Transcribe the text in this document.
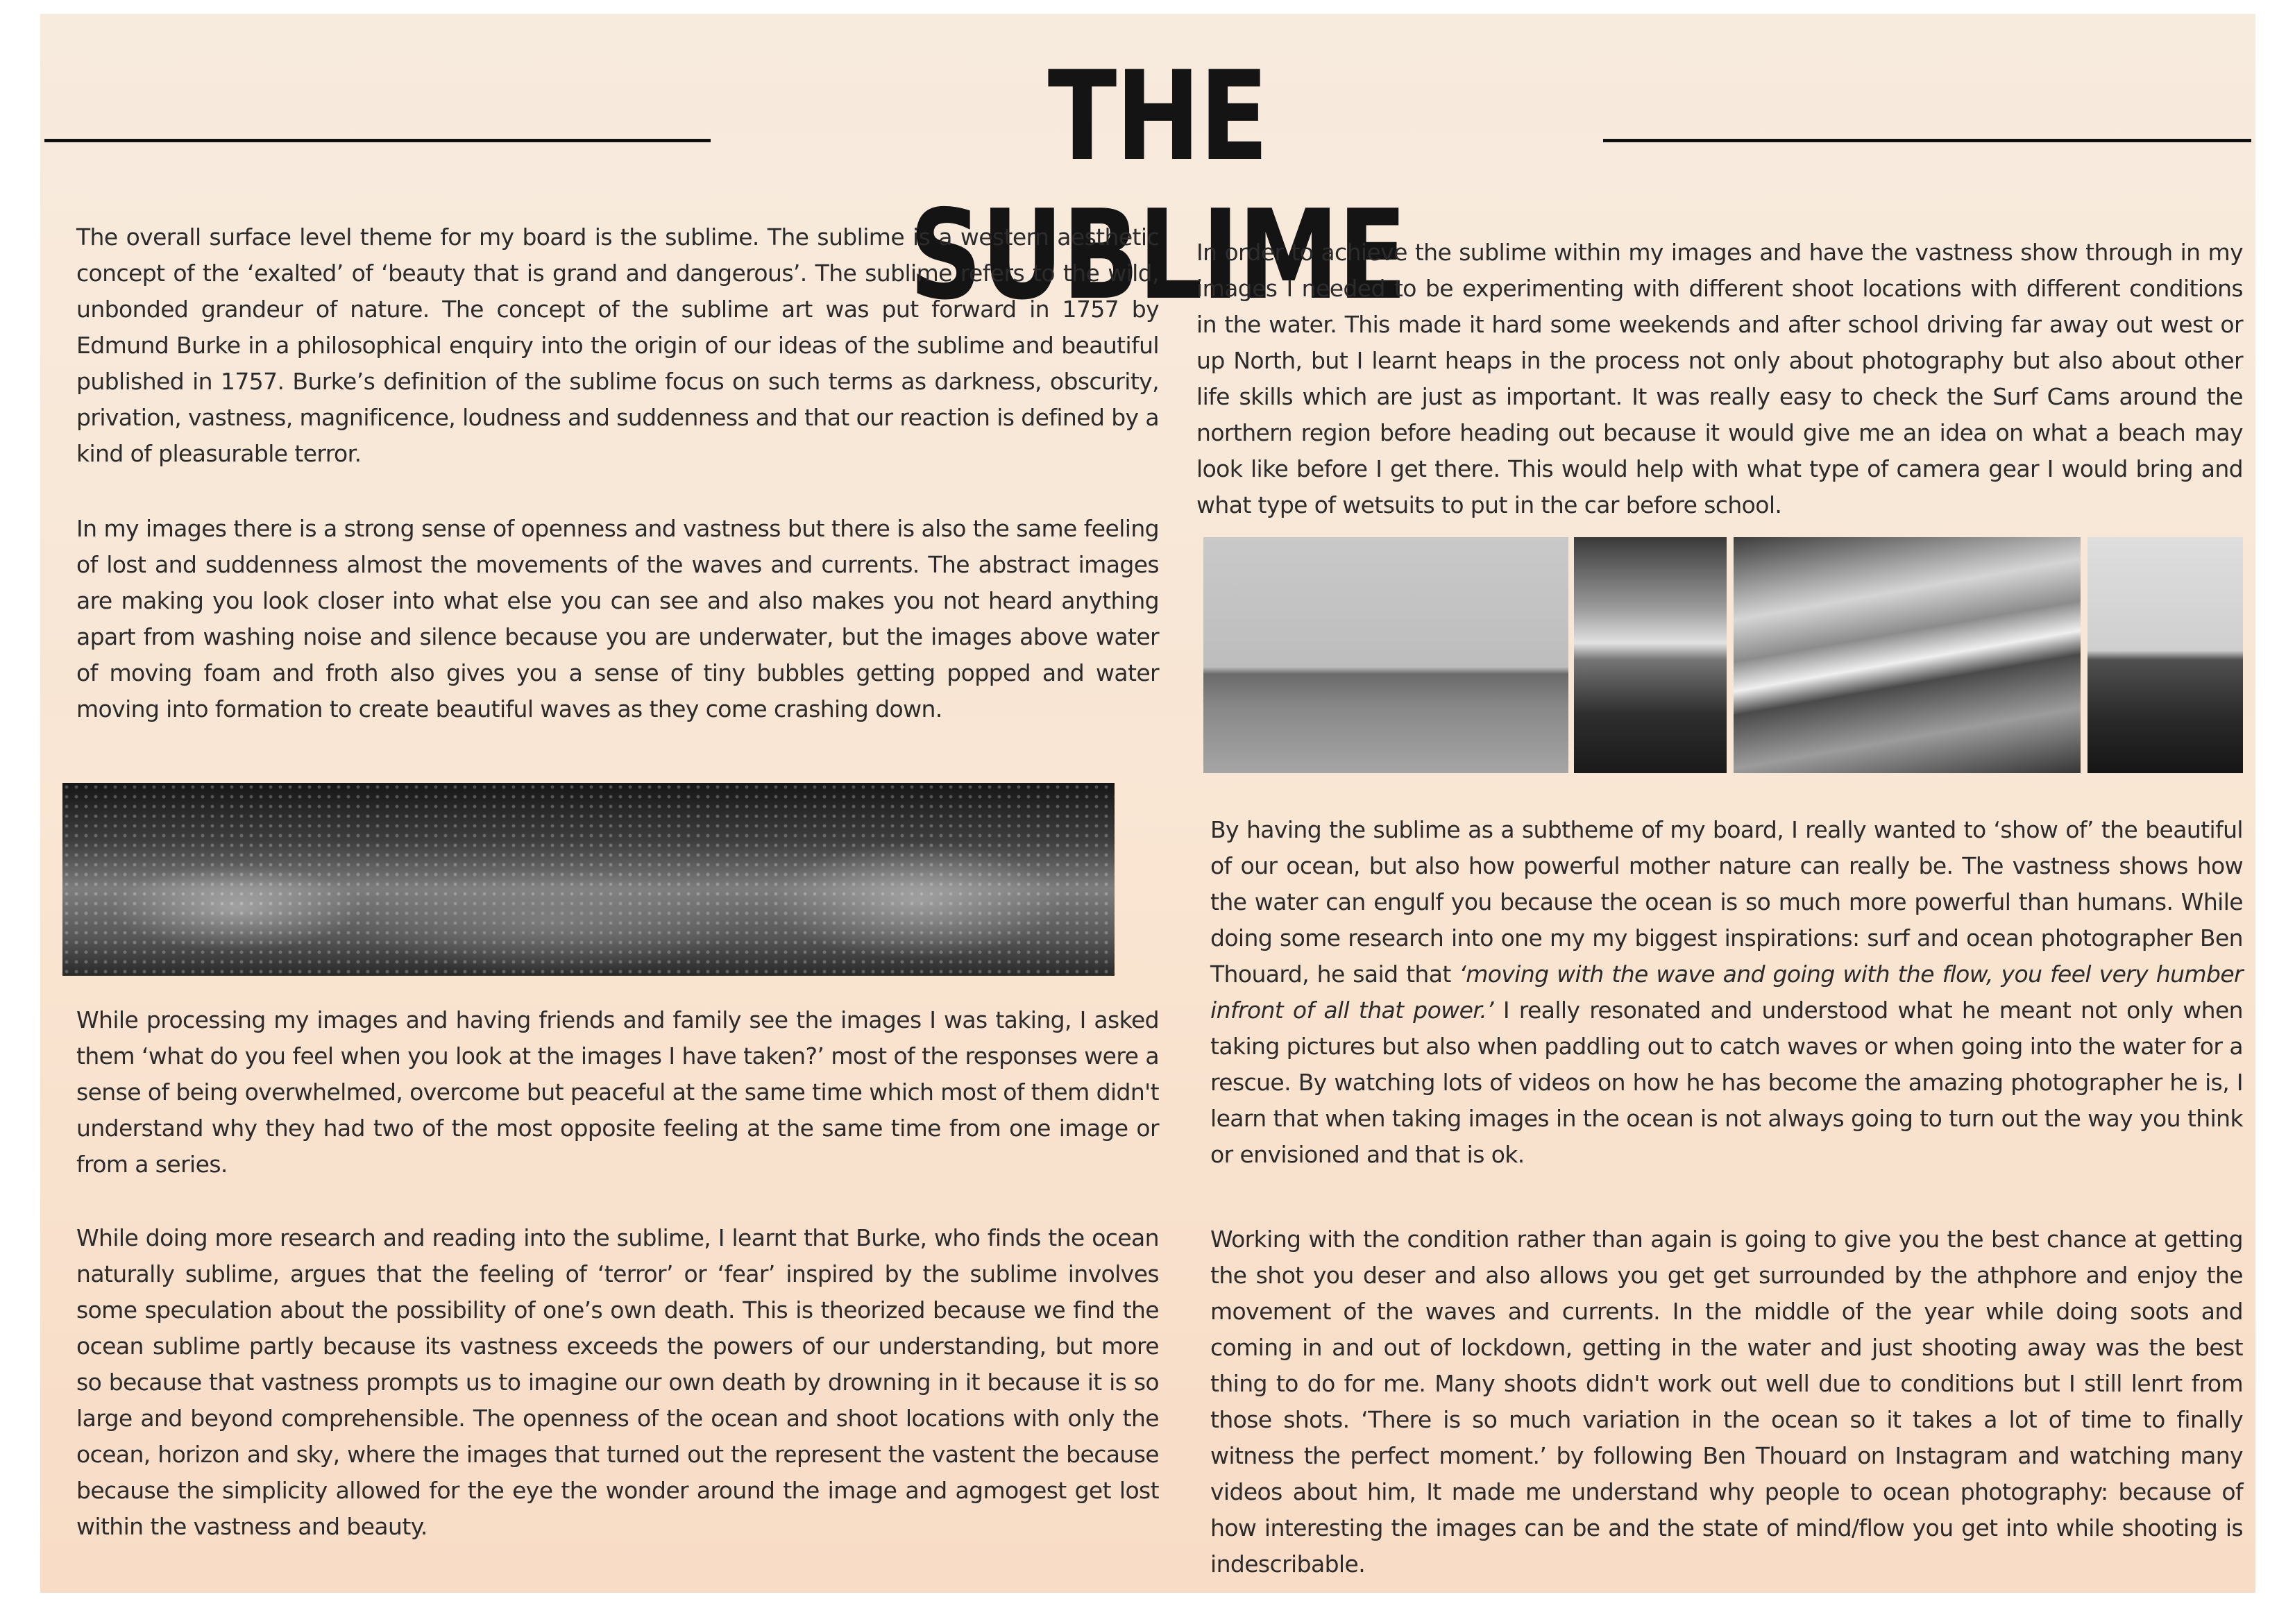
THE SUBLIME

The overall surface level theme for my board is the sublime. The sublime is a western aesthetic concept of the ‘exalted’ of ‘beauty that is grand and dangerous’. The sublime refers to the wild, unbonded grandeur of nature. The concept of the sublime art was put forward in 1757 by Edmund Burke in a philosophical enquiry into the origin of our ideas of the sublime and beautiful published in 1757. Burke’s definition of the sublime focus on such terms as darkness, obscurity, privation, vastness, magnificence, loudness and suddenness and that our reaction is defined by a kind of pleasurable terror.

In my images there is a strong sense of openness and vastness but there is also the same feeling of lost and suddenness almost the movements of the waves and currents. The abstract images are making you look closer into what else you can see and also makes you not heard anything apart from washing noise and silence because you are underwater, but the images above water of moving foam and froth also gives you a sense of tiny bubbles getting popped and water moving into formation to create beautiful waves as they come crashing down.

While processing my images and having friends and family see the images I was taking, I asked them ‘what do you feel when you look at the images I have taken?’ most of the responses were a sense of being overwhelmed, overcome but peaceful at the same time which most of them didn't understand why they had two of the most opposite feeling at the same time from one image or from a series.

While doing more research and reading into the sublime, I learnt that Burke, who finds the ocean naturally sublime, argues that the feeling of ‘terror’ or ‘fear’ inspired by the sublime involves some speculation about the possibility of one’s own death. This is theorized because we find the ocean sublime partly because its vastness exceeds the powers of our understanding, but more so because that vastness prompts us to imagine our own death by drowning in it because it is so large and beyond comprehensible. The openness of the ocean and shoot locations with only the ocean, horizon and sky, where the images that turned out the represent the vastent the because because the simplicity allowed for the eye the wonder around the image and agmogest get lost within the vastness and beauty.

In order to achieve the sublime within my images and have the vastness show through in my images I needed to be experimenting with different shoot locations with different conditions in the water. This made it hard some weekends and after school driving far away out west or up North, but I learnt heaps in the process not only about photography but also about other life skills which are just as important. It was really easy to check the Surf Cams around the northern region before heading out because it would give me an idea on what a beach may look like before I get there. This would help with what type of camera gear I would bring and what type of wetsuits to put in the car before school.

By having the sublime as a subtheme of my board, I really wanted to ‘show of’ the beautiful of our ocean, but also how powerful mother nature can really be. The vastness shows how the water can engulf you because the ocean is so much more powerful than humans. While doing some research into one my my biggest inspirations: surf and ocean photographer Ben Thouard, he said that ‘moving with the wave and going with the flow, you feel very humber infront of all that power.’ I really resonated and understood what he meant not only when taking pictures but also when paddling out to catch waves or when going into the water for a rescue. By watching lots of videos on how he has become the amazing photographer he is, I learn that when taking images in the ocean is not always going to turn out the way you think or envisioned and that is ok.

Working with the condition rather than again is going to give you the best chance at getting the shot you deser and also allows you get get surrounded by the athphore and enjoy the movement of the waves and currents. In the middle of the year while doing soots and coming in and out of lockdown, getting in the water and just shooting away was the best thing to do for me. Many shoots didn't work out well due to conditions but I still lenrt from those shots. ‘There is so much variation in the ocean so it takes a lot of time to finally witness the perfect moment.’ by following Ben Thouard on Instagram and watching many videos about him, It made me understand why people to ocean photography: because of how interesting the images can be and the state of mind/flow you get into while shooting is indescribable.
